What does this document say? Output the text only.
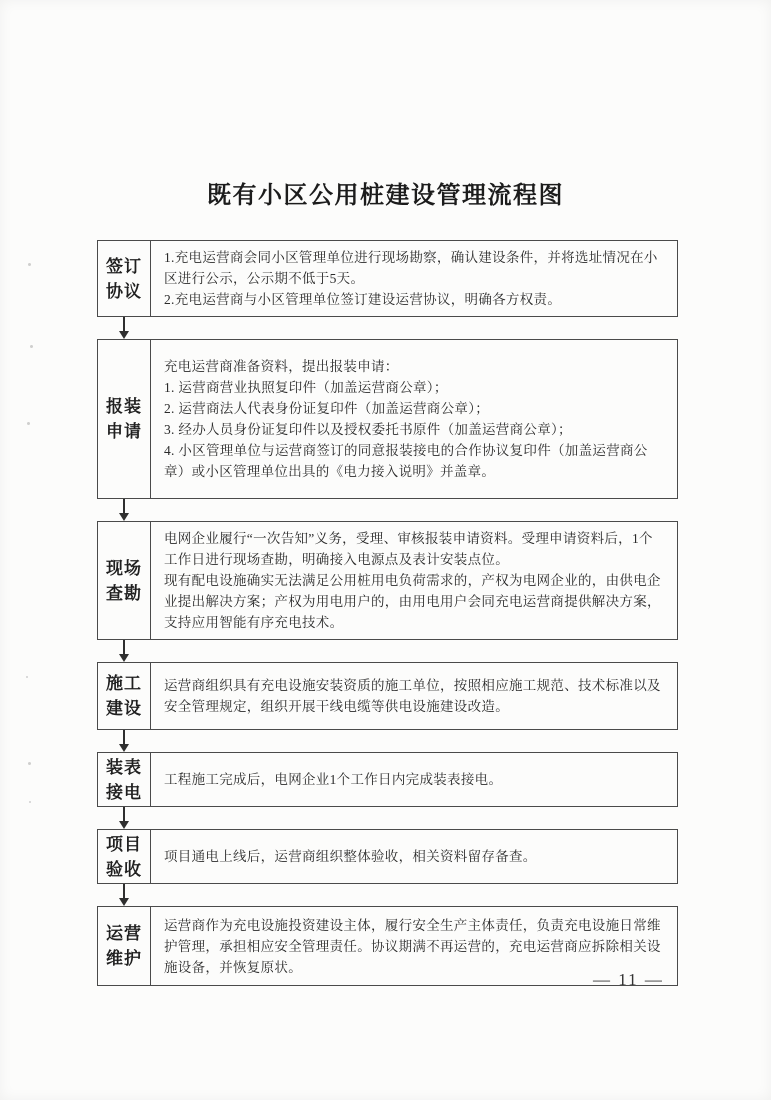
既有小区公用桩建设管理流程图
签订
协议
1.充电运营商会同小区管理单位进行现场勘察，确认建设条件，并将选址情况在小区进行公示，公示期不低于5天。
2.充电运营商与小区管理单位签订建设运营协议，明确各方权责。
报装
申请
充电运营商准备资料，提出报装申请：
1. 运营商营业执照复印件（加盖运营商公章）；
2. 运营商法人代表身份证复印件（加盖运营商公章）；
3. 经办人员身份证复印件以及授权委托书原件（加盖运营商公章）；
4. 小区管理单位与运营商签订的同意报装接电的合作协议复印件（加盖运营商公章）或小区管理单位出具的《电力接入说明》并盖章。
现场
查勘
电网企业履行“一次告知”义务，受理、审核报装申请资料。受理申请资料后，1个工作日进行现场查勘，明确接入电源点及表计安装点位。
现有配电设施确实无法满足公用桩用电负荷需求的，产权为电网企业的，由供电企业提出解决方案；产权为用电用户的，由用电用户会同充电运营商提供解决方案，支持应用智能有序充电技术。
施工
建设
运营商组织具有充电设施安装资质的施工单位，按照相应施工规范、技术标准以及安全管理规定，组织开展干线电缆等供电设施建设改造。
装表
接电
工程施工完成后，电网企业1个工作日内完成装表接电。
项目
验收
项目通电上线后，运营商组织整体验收，相关资料留存备查。
运营
维护
运营商作为充电设施投资建设主体，履行安全生产主体责任，负责充电设施日常维护管理，承担相应安全管理责任。协议期满不再运营的，充电运营商应拆除相关设施设备，并恢复原状。
— 11 —
